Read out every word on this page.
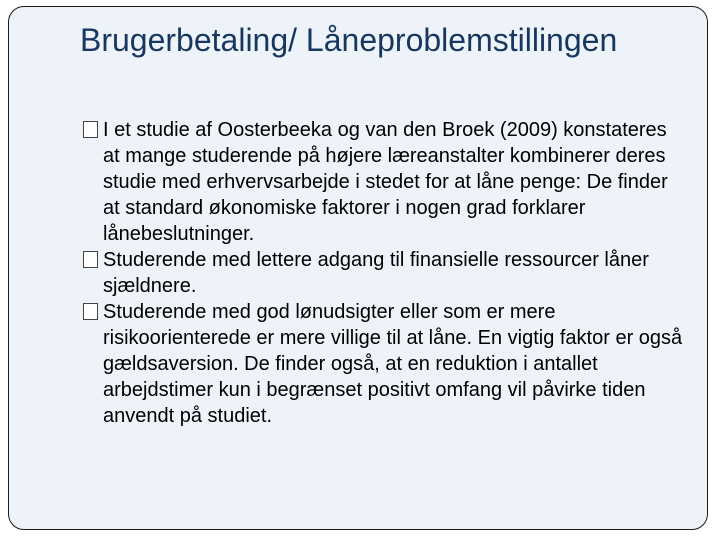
Brugerbetaling/ Låneproblemstillingen
I et studie af Oosterbeeka og van den Broek (2009) konstateres at mange studerende på højere læreanstalter kombinerer deres studie med erhvervsarbejde i stedet for at låne penge: De finder at standard økonomiske faktorer i nogen grad forklarer lånebeslutninger.
Studerende med lettere adgang til finansielle ressourcer låner sjældnere.
Studerende med god lønudsigter eller som er mere risikoorienterede er mere villige til at låne. En vigtig faktor er også gældsaversion. De finder også, at en reduktion i antallet arbejdstimer kun i begrænset positivt omfang vil påvirke tiden anvendt på studiet.
